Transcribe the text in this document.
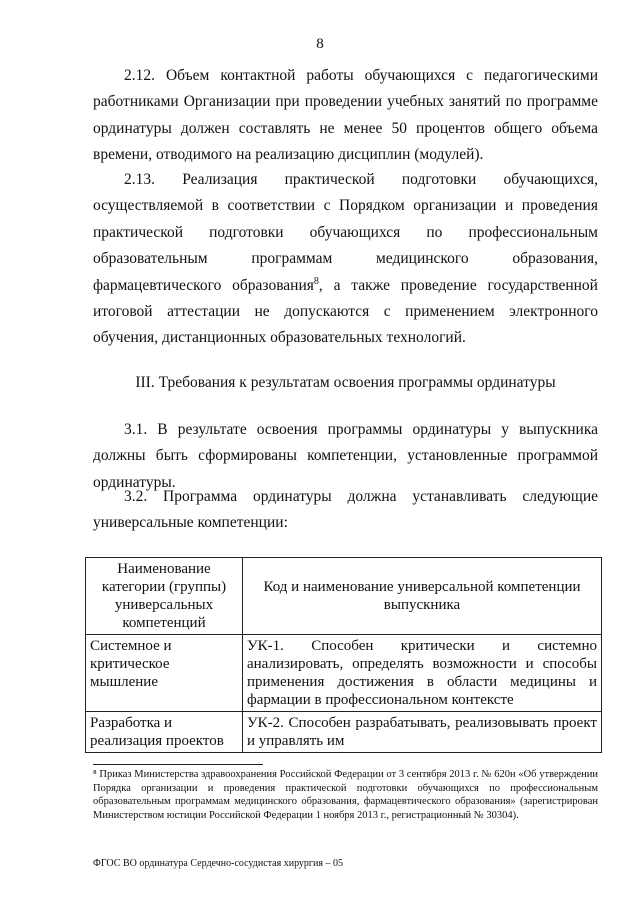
8

2.12. Объем контактной работы обучающихся с педагогическими работниками Организации при проведении учебных занятий по программе ординатуры должен составлять не менее 50 процентов общего объема времени, отводимого на реализацию дисциплин (модулей).

2.13. Реализация практической подготовки обучающихся, осуществляемой в соответствии с Порядком организации и проведения практической подготовки обучающихся по профессиональным образовательным программам медицинского образования, фармацевтического образования$^8$, а также проведение государственной итоговой аттестации не допускаются с применением электронного обучения, дистанционных образовательных технологий.

III. Требования к результатам освоения программы ординатуры

3.1. В результате освоения программы ординатуры у выпускника должны быть сформированы компетенции, установленные программой ординатуры.

3.2. Программа ординатуры должна устанавливать следующие универсальные компетенции:

Наименование категории (группы) универсальных компетенций	Код и наименование универсальной компетенции выпускника
Системное и критическое мышление	УК-1. Способен критически и системно анализировать, определять возможности и способы применения достижения в области медицины и фармации в профессиональном контексте
Разработка и реализация проектов	УК-2. Способен разрабатывать, реализовывать проект и управлять им

⁸ Приказ Министерства здравоохранения Российской Федерации от 3 сентября 2013 г. № 620н «Об утверждении Порядка организации и проведения практической подготовки обучающихся по профессиональным образовательным программам медицинского образования, фармацевтического образования» (зарегистрирован Министерством юстиции Российской Федерации 1 ноября 2013 г., регистрационный № 30304).

ФГОС ВО ординатура Сердечно-сосудистая хирургия – 05
